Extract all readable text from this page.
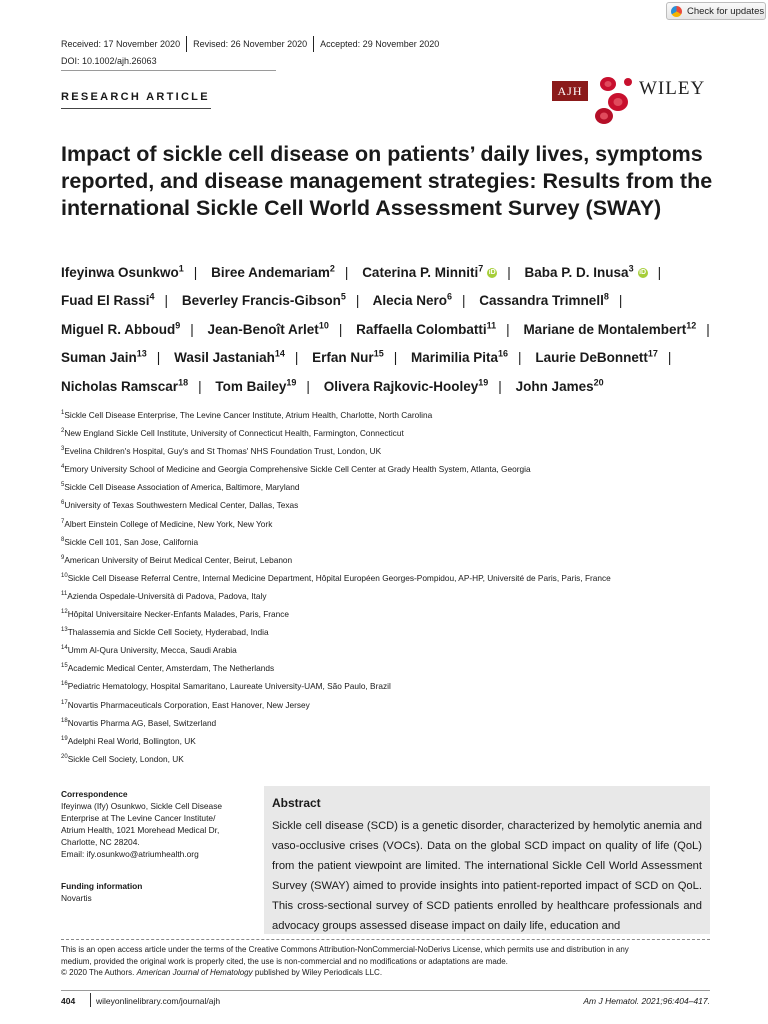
Check for updates
Received: 17 November 2020	Revised: 26 November 2020	Accepted: 29 November 2020
DOI: 10.1002/ajh.26063
RESEARCH ARTICLE	AJH	WILEY
Impact of sickle cell disease on patients’ daily lives, symptoms reported, and disease management strategies: Results from the international Sickle Cell World Assessment Survey (SWAY)
Ifeyinwa Osunkwo$^1$ | Biree Andemariam$^2$ | Caterina P. Minniti$^7$ iD | Baba P. D. Inusa$^3$ iD | Fuad El Rassi$^4$ | Beverley Francis-Gibson$^5$ | Alecia Nero$^6$ | Cassandra Trimnell$^8$ | Miguel R. Abboud$^9$ | Jean-Benoît Arlet$^{10}$ | Raffaella Colombatti$^{11}$ | Mariane de Montalembert$^{12}$ | Suman Jain$^{13}$ | Wasil Jastaniah$^{14}$ | Erfan Nur$^{15}$ | Marimilia Pita$^{16}$ | Laurie DeBonnett$^{17}$ | Nicholas Ramscar$^{18}$ | Tom Bailey$^{19}$ | Olivera Rajkovic-Hooley$^{19}$ | John James$^{20}$
$^1$Sickle Cell Disease Enterprise, The Levine Cancer Institute, Atrium Health, Charlotte, North Carolina
$^2$New England Sickle Cell Institute, University of Connecticut Health, Farmington, Connecticut
$^3$Evelina Children's Hospital, Guy's and St Thomas' NHS Foundation Trust, London, UK
$^4$Emory University School of Medicine and Georgia Comprehensive Sickle Cell Center at Grady Health System, Atlanta, Georgia
$^5$Sickle Cell Disease Association of America, Baltimore, Maryland
$^6$University of Texas Southwestern Medical Center, Dallas, Texas
$^7$Albert Einstein College of Medicine, New York, New York
$^8$Sickle Cell 101, San Jose, California
$^9$American University of Beirut Medical Center, Beirut, Lebanon
$^{10}$Sickle Cell Disease Referral Centre, Internal Medicine Department, Hôpital Européen Georges-Pompidou, AP-HP, Université de Paris, Paris, France
$^{11}$Azienda Ospedale-Università di Padova, Padova, Italy
$^{12}$Hôpital Universitaire Necker-Enfants Malades, Paris, France
$^{13}$Thalassemia and Sickle Cell Society, Hyderabad, India
$^{14}$Umm Al-Qura University, Mecca, Saudi Arabia
$^{15}$Academic Medical Center, Amsterdam, The Netherlands
$^{16}$Pediatric Hematology, Hospital Samaritano, Laureate University-UAM, São Paulo, Brazil
$^{17}$Novartis Pharmaceuticals Corporation, East Hanover, New Jersey
$^{18}$Novartis Pharma AG, Basel, Switzerland
$^{19}$Adelphi Real World, Bollington, UK
$^{20}$Sickle Cell Society, London, UK
Correspondence
Ifeyinwa (Ify) Osunkwo, Sickle Cell Disease
Enterprise at The Levine Cancer Institute/
Atrium Health, 1021 Morehead Medical Dr,
Charlotte, NC 28204.
Email: ify.osunkwo@atriumhealth.org
Funding information
Novartis
Abstract

Sickle cell disease (SCD) is a genetic disorder, characterized by hemolytic anemia and vaso-occlusive crises (VOCs). Data on the global SCD impact on quality of life (QoL) from the patient viewpoint are limited. The international Sickle Cell World Assessment Survey (SWAY) aimed to provide insights into patient-reported impact of SCD on QoL. This cross-sectional survey of SCD patients enrolled by healthcare professionals and advocacy groups assessed disease impact on daily life, education and

This is an open access article under the terms of the Creative Commons Attribution-NonCommercial-NoDerivs License, which permits use and distribution in any
medium, provided the original work is properly cited, the use is non-commercial and no modifications or adaptations are made.
© 2020 The Authors. American Journal of Hematology published by Wiley Periodicals LLC.
404 wileyonlinelibrary.com/journal/ajh	Am J Hematol. 2021;96:404–417.
